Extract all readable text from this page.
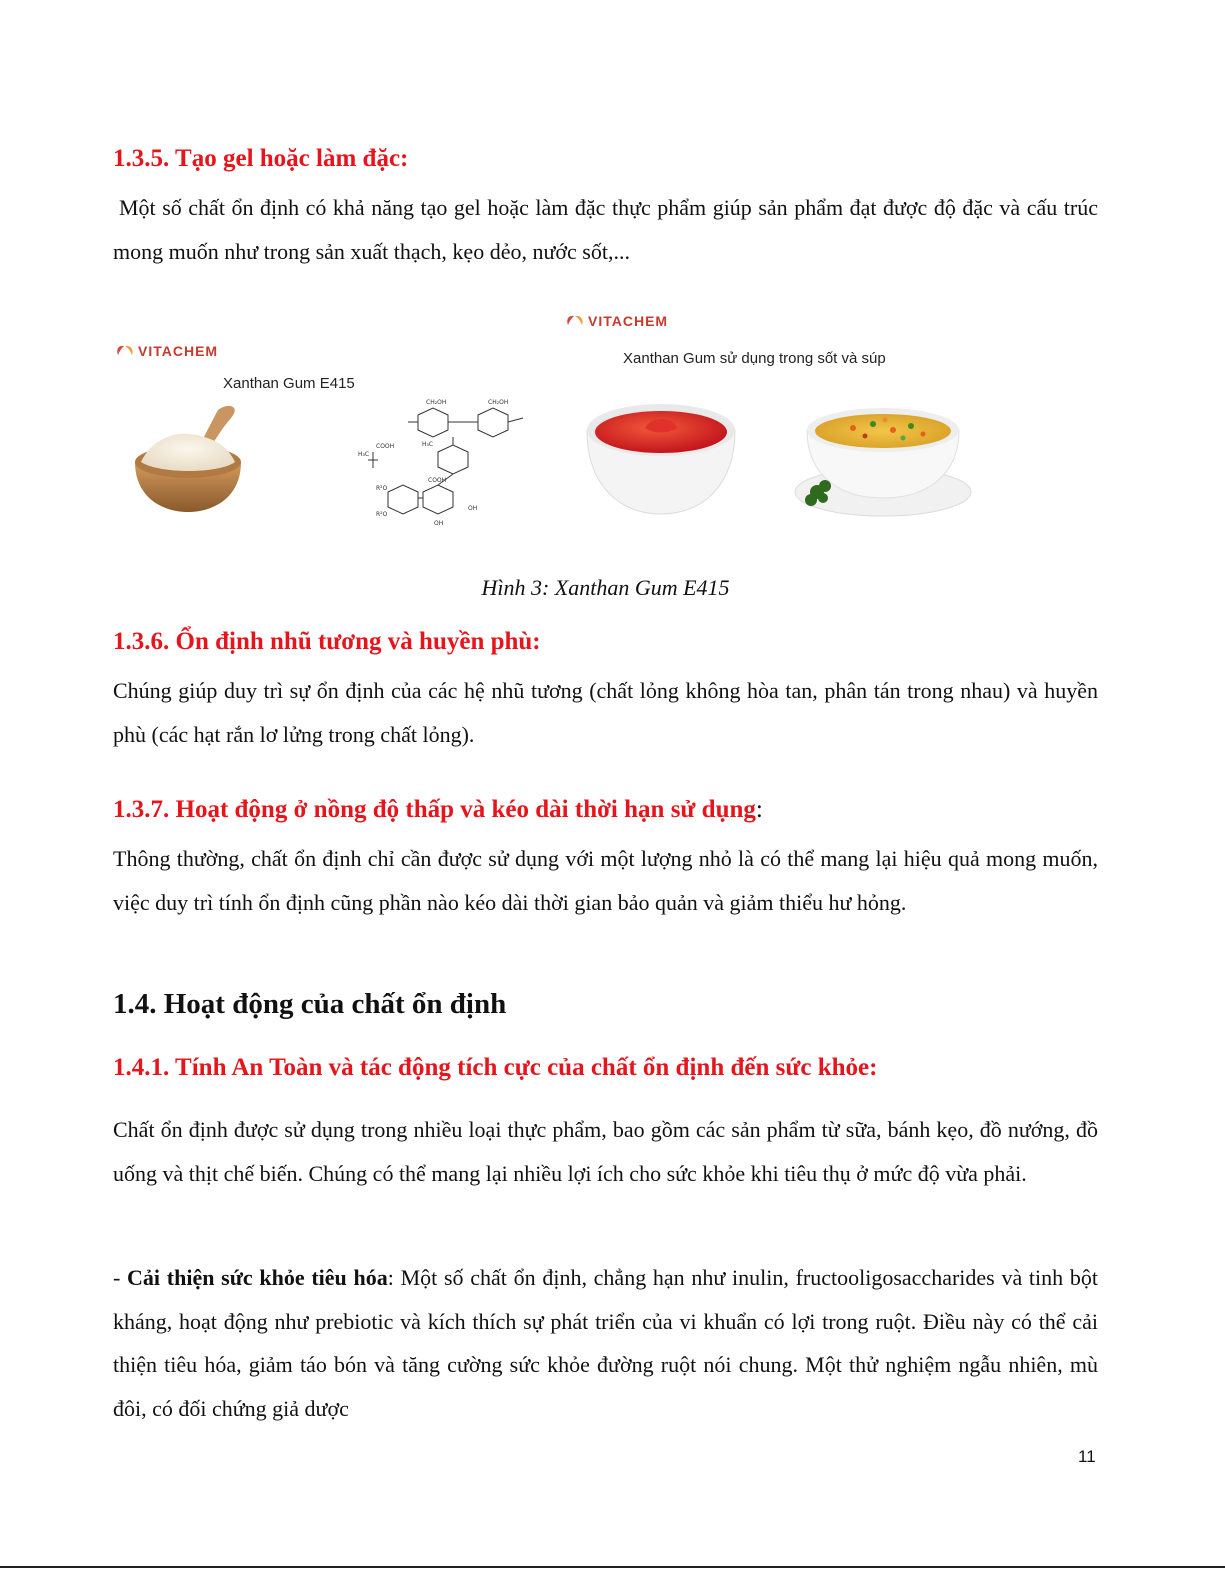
1.3.5. Tạo gel hoặc làm đặc:
Một số chất ổn định có khả năng tạo gel hoặc làm đặc thực phẩm giúp sản phẩm đạt được độ đặc và cấu trúc mong muốn như trong sản xuất thạch, kẹo dẻo, nước sốt,...
VITACHEM
Xanthan Gum E415
CH₂OH	CH₂OH
H₃C
H₃C
COOH
COOH
R²O
R²O
OH
OH
VITACHEM
Xanthan Gum sử dụng trong sốt và súp
Hình 3: Xanthan Gum E415
1.3.6. Ổn định nhũ tương và huyền phù:
Chúng giúp duy trì sự ổn định của các hệ nhũ tương (chất lỏng không hòa tan, phân tán trong nhau) và huyền phù (các hạt rắn lơ lửng trong chất lỏng).
1.3.7. Hoạt động ở nồng độ thấp và kéo dài thời hạn sử dụng:
Thông thường, chất ổn định chỉ cần được sử dụng với một lượng nhỏ là có thể mang lại hiệu quả mong muốn, việc duy trì tính ổn định cũng phần nào kéo dài thời gian bảo quản và giảm thiểu hư hỏng.
1.4. Hoạt động của chất ổn định
1.4.1. Tính An Toàn và tác động tích cực của chất ổn định đến sức khỏe:
Chất ổn định được sử dụng trong nhiều loại thực phẩm, bao gồm các sản phẩm từ sữa, bánh kẹo, đồ nướng, đồ uống và thịt chế biến. Chúng có thể mang lại nhiều lợi ích cho sức khỏe khi tiêu thụ ở mức độ vừa phải.
- Cải thiện sức khỏe tiêu hóa: Một số chất ổn định, chẳng hạn như inulin, fructooligosaccharides và tinh bột kháng, hoạt động như prebiotic và kích thích sự phát triển của vi khuẩn có lợi trong ruột. Điều này có thể cải thiện tiêu hóa, giảm táo bón và tăng cường sức khỏe đường ruột nói chung. Một thử nghiệm ngẫu nhiên, mù đôi, có đối chứng giả dược
11
